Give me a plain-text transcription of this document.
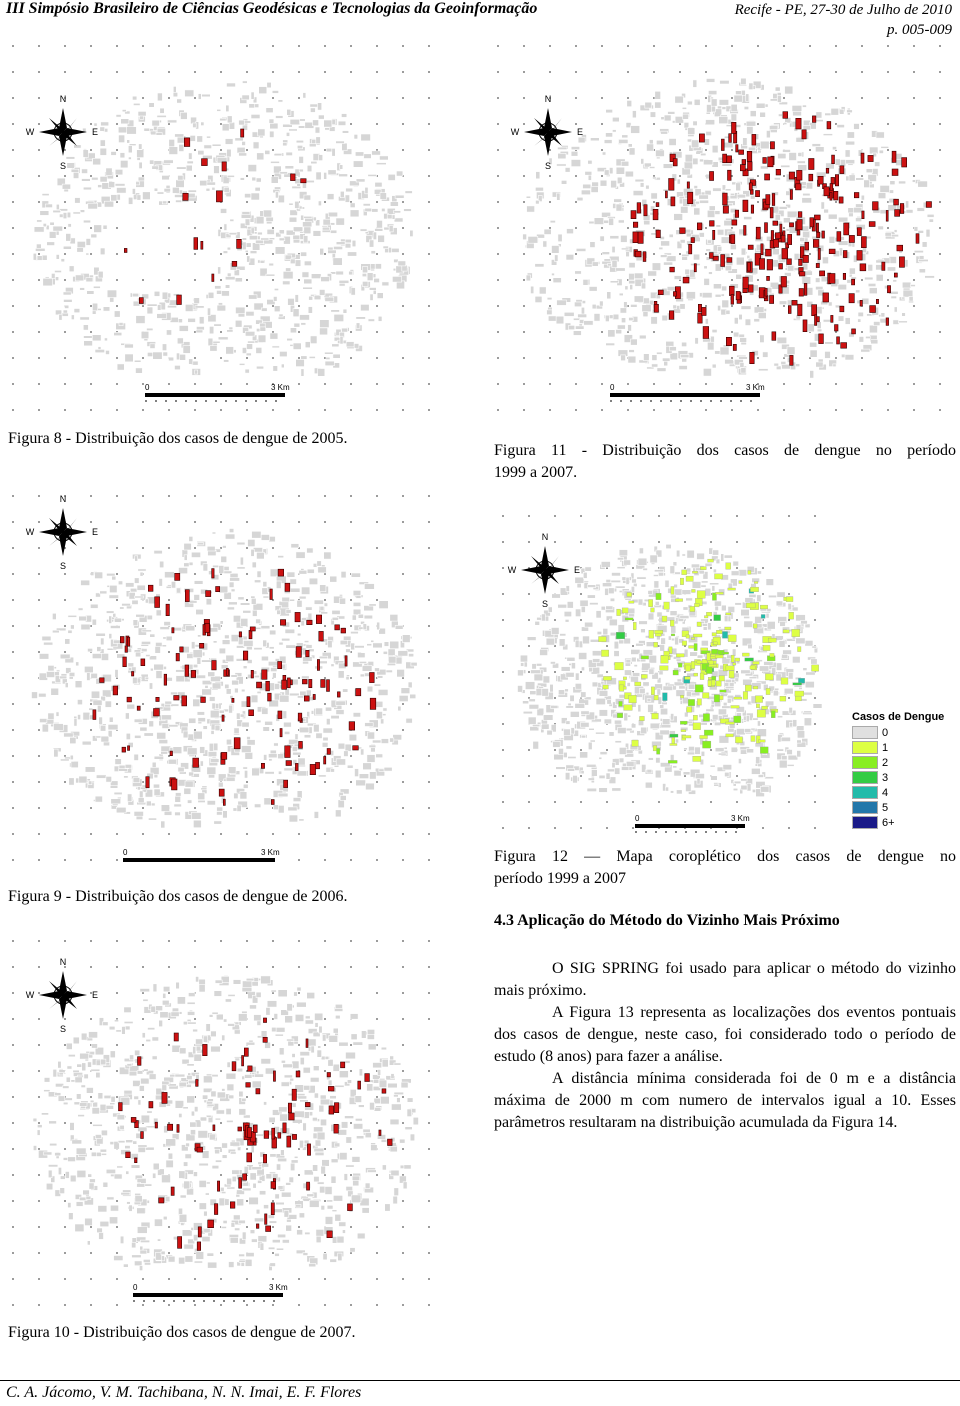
III Simpósio Brasileiro de Ciências Geodésicas e Tecnologias da Geoinformação	Recife - PE, 27-30 de Julho de 2010
p. 005-009
N
S
E
W
0	3 Km
Figura 8 - Distribuição dos casos de dengue de 2005.
N
S
E
W
0	3 Km
Figura 11 - Distribuição dos casos de dengue no período
1999 a 2007.
N
S
E
W
0	3 Km
Figura 9 - Distribuição dos casos de dengue de 2006.
N
S
E
W
0	3 Km
Casos de Dengue
0
1
2
3
4
5
6+
Figura 12 — Mapa coroplético dos casos de dengue no
período 1999 a 2007
4.3 Aplicação do Método do Vizinho Mais Próximo

O SIG SPRING foi usado para aplicar o método do vizinho mais próximo.

A Figura 13 representa as localizações dos eventos pontuais dos casos de dengue, neste caso, foi considerado todo o período de estudo (8 anos) para fazer a análise.

A distância mínima considerada foi de 0 m e a distância máxima de 2000 m com numero de intervalos igual a 10. Esses parâmetros resultaram na distribuição acumulada da Figura 14.

N
S
E
W
0	3 Km
Figura 10 - Distribuição dos casos de dengue de 2007.
C. A. Jácomo, V. M. Tachibana, N. N. Imai, E. F. Flores
